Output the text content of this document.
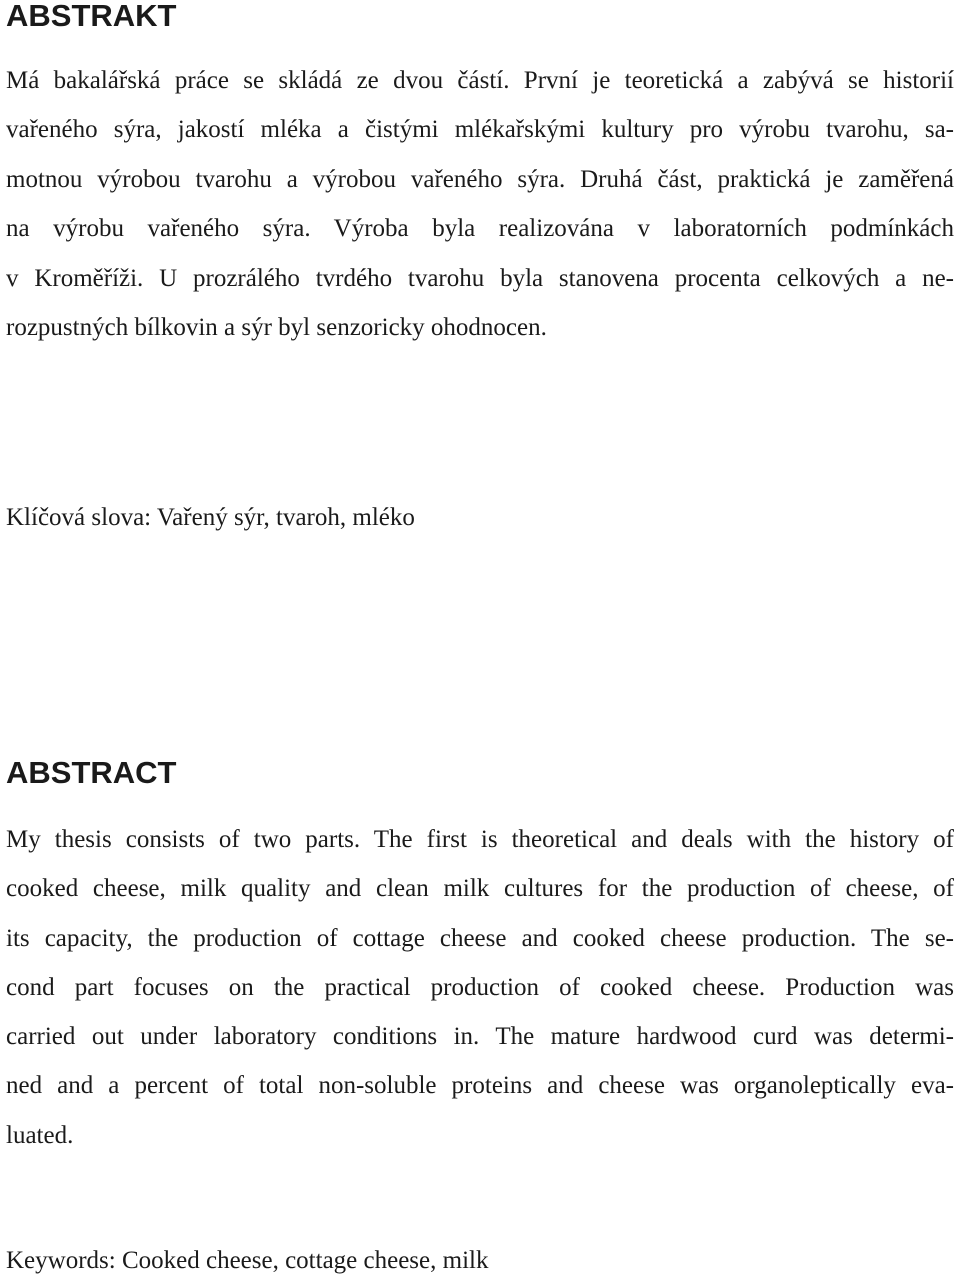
ABSTRAKT
Má bakalářská práce se skládá ze dvou částí. První je teoretická a zabývá se historií
vařeného sýra, jakostí mléka a čistými mlékařskými kultury pro výrobu tvarohu, sa-
motnou výrobou tvarohu a výrobou vařeného sýra. Druhá část, praktická je zaměřená
na výrobu vařeného sýra. Výroba byla realizována v laboratorních podmínkách
v Kroměříži. U prozrálého tvrdého tvarohu byla stanovena procenta celkových a ne-
rozpustných bílkovin a sýr byl senzoricky ohodnocen.
Klíčová slova: Vařený sýr, tvaroh, mléko
ABSTRACT
My thesis consists of two parts. The first is theoretical and deals with the history of
cooked cheese, milk quality and clean milk cultures for the production of cheese, of
its capacity, the production of cottage cheese and cooked cheese production. The se-
cond part focuses on the practical production of cooked cheese. Production was
carried out under laboratory conditions in. The mature hardwood curd was determi-
ned and a percent of total non-soluble proteins and cheese was organoleptically eva-
luated.
Keywords: Cooked cheese, cottage cheese, milk
